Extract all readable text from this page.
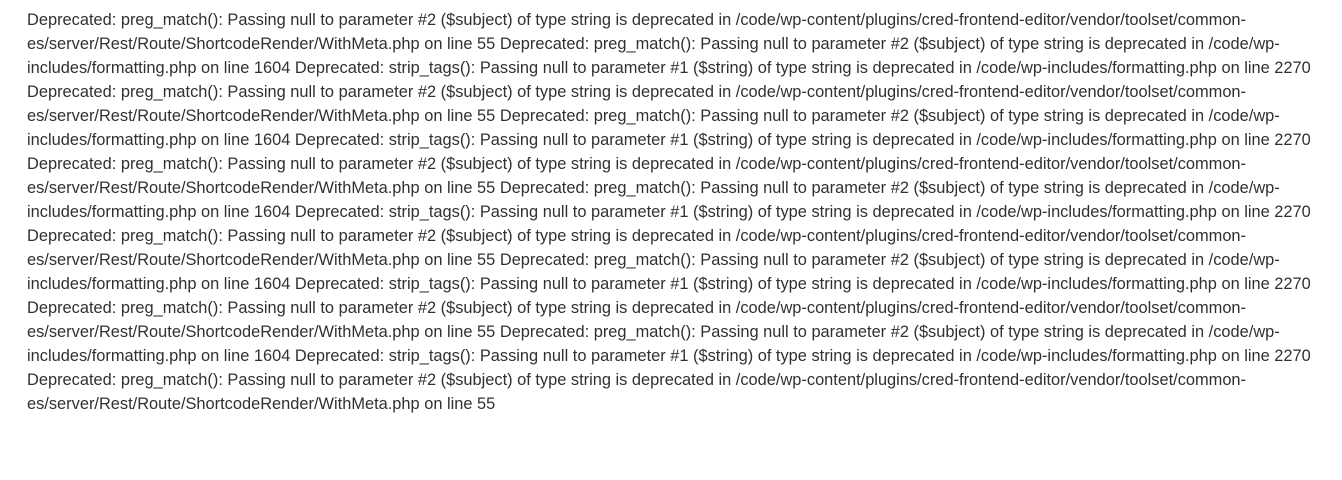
Deprecated: preg_match(): Passing null to parameter #2 ($subject) of type string is deprecated in /code/wp-content/plugins/cred-frontend-editor/vendor/toolset/common-es/server/Rest/Route/ShortcodeRender/WithMeta.php on line 55 Deprecated: preg_match(): Passing null to parameter #2 ($subject) of type string is deprecated in /code/wp-includes/formatting.php on line 1604 Deprecated: strip_tags(): Passing null to parameter #1 ($string) of type string is deprecated in /code/wp-includes/formatting.php on line 2270 Deprecated: preg_match(): Passing null to parameter #2 ($subject) of type string is deprecated in /code/wp-content/plugins/cred-frontend-editor/vendor/toolset/common-es/server/Rest/Route/ShortcodeRender/WithMeta.php on line 55 Deprecated: preg_match(): Passing null to parameter #2 ($subject) of type string is deprecated in /code/wp-includes/formatting.php on line 1604 Deprecated: strip_tags(): Passing null to parameter #1 ($string) of type string is deprecated in /code/wp-includes/formatting.php on line 2270 Deprecated: preg_match(): Passing null to parameter #2 ($subject) of type string is deprecated in /code/wp-content/plugins/cred-frontend-editor/vendor/toolset/common-es/server/Rest/Route/ShortcodeRender/WithMeta.php on line 55 Deprecated: preg_match(): Passing null to parameter #2 ($subject) of type string is deprecated in /code/wp-includes/formatting.php on line 1604 Deprecated: strip_tags(): Passing null to parameter #1 ($string) of type string is deprecated in /code/wp-includes/formatting.php on line 2270 Deprecated: preg_match(): Passing null to parameter #2 ($subject) of type string is deprecated in /code/wp-content/plugins/cred-frontend-editor/vendor/toolset/common-es/server/Rest/Route/ShortcodeRender/WithMeta.php on line 55 Deprecated: preg_match(): Passing null to parameter #2 ($subject) of type string is deprecated in /code/wp-includes/formatting.php on line 1604 Deprecated: strip_tags(): Passing null to parameter #1 ($string) of type string is deprecated in /code/wp-includes/formatting.php on line 2270 Deprecated: preg_match(): Passing null to parameter #2 ($subject) of type string is deprecated in /code/wp-content/plugins/cred-frontend-editor/vendor/toolset/common-es/server/Rest/Route/ShortcodeRender/WithMeta.php on line 55 Deprecated: preg_match(): Passing null to parameter #2 ($subject) of type string is deprecated in /code/wp-includes/formatting.php on line 1604 Deprecated: strip_tags(): Passing null to parameter #1 ($string) of type string is deprecated in /code/wp-includes/formatting.php on line 2270 Deprecated: preg_match(): Passing null to parameter #2 ($subject) of type string is deprecated in /code/wp-content/plugins/cred-frontend-editor/vendor/toolset/common-es/server/Rest/Route/ShortcodeRender/WithMeta.php on line 55
